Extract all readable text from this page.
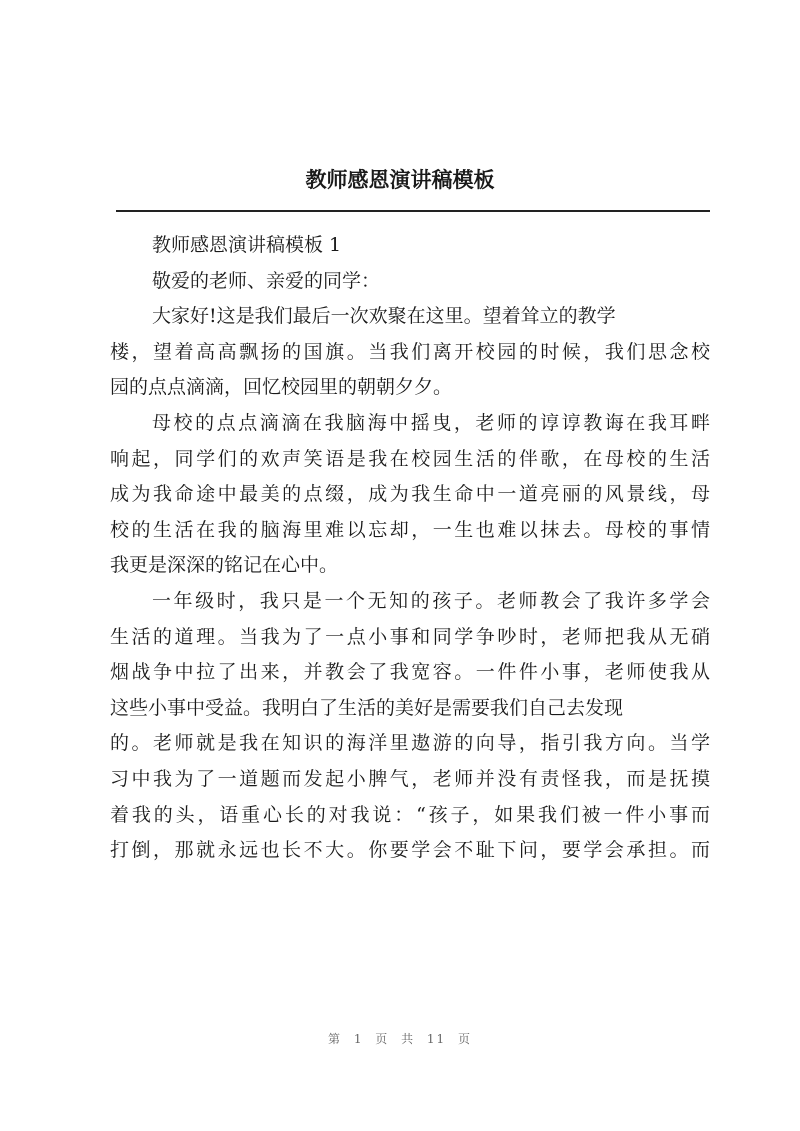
教师感恩演讲稿模板
教师感恩演讲稿模板 1
敬爱的老师、亲爱的同学：
大家好!这是我们最后一次欢聚在这里。望着耸立的教学
楼，望着高高飘扬的国旗。当我们离开校园的时候，我们思念校
园的点点滴滴，回忆校园里的朝朝夕夕。
母校的点点滴滴在我脑海中摇曳，老师的谆谆教诲在我耳畔
响起，同学们的欢声笑语是我在校园生活的伴歌，在母校的生活
成为我命途中最美的点缀，成为我生命中一道亮丽的风景线，母
校的生活在我的脑海里难以忘却，一生也难以抹去。母校的事情
我更是深深的铭记在心中。
一年级时，我只是一个无知的孩子。老师教会了我许多学会
生活的道理。当我为了一点小事和同学争吵时，老师把我从无硝
烟战争中拉了出来，并教会了我宽容。一件件小事，老师使我从
这些小事中受益。我明白了生活的美好是需要我们自己去发现
的。老师就是我在知识的海洋里遨游的向导，指引我方向。当学
习中我为了一道题而发起小脾气，老师并没有责怪我，而是抚摸
着我的头，语重心长的对我说：“孩子，如果我们被一件小事而
打倒，那就永远也长不大。你要学会不耻下问，要学会承担。而
第 1 页 共 11 页
